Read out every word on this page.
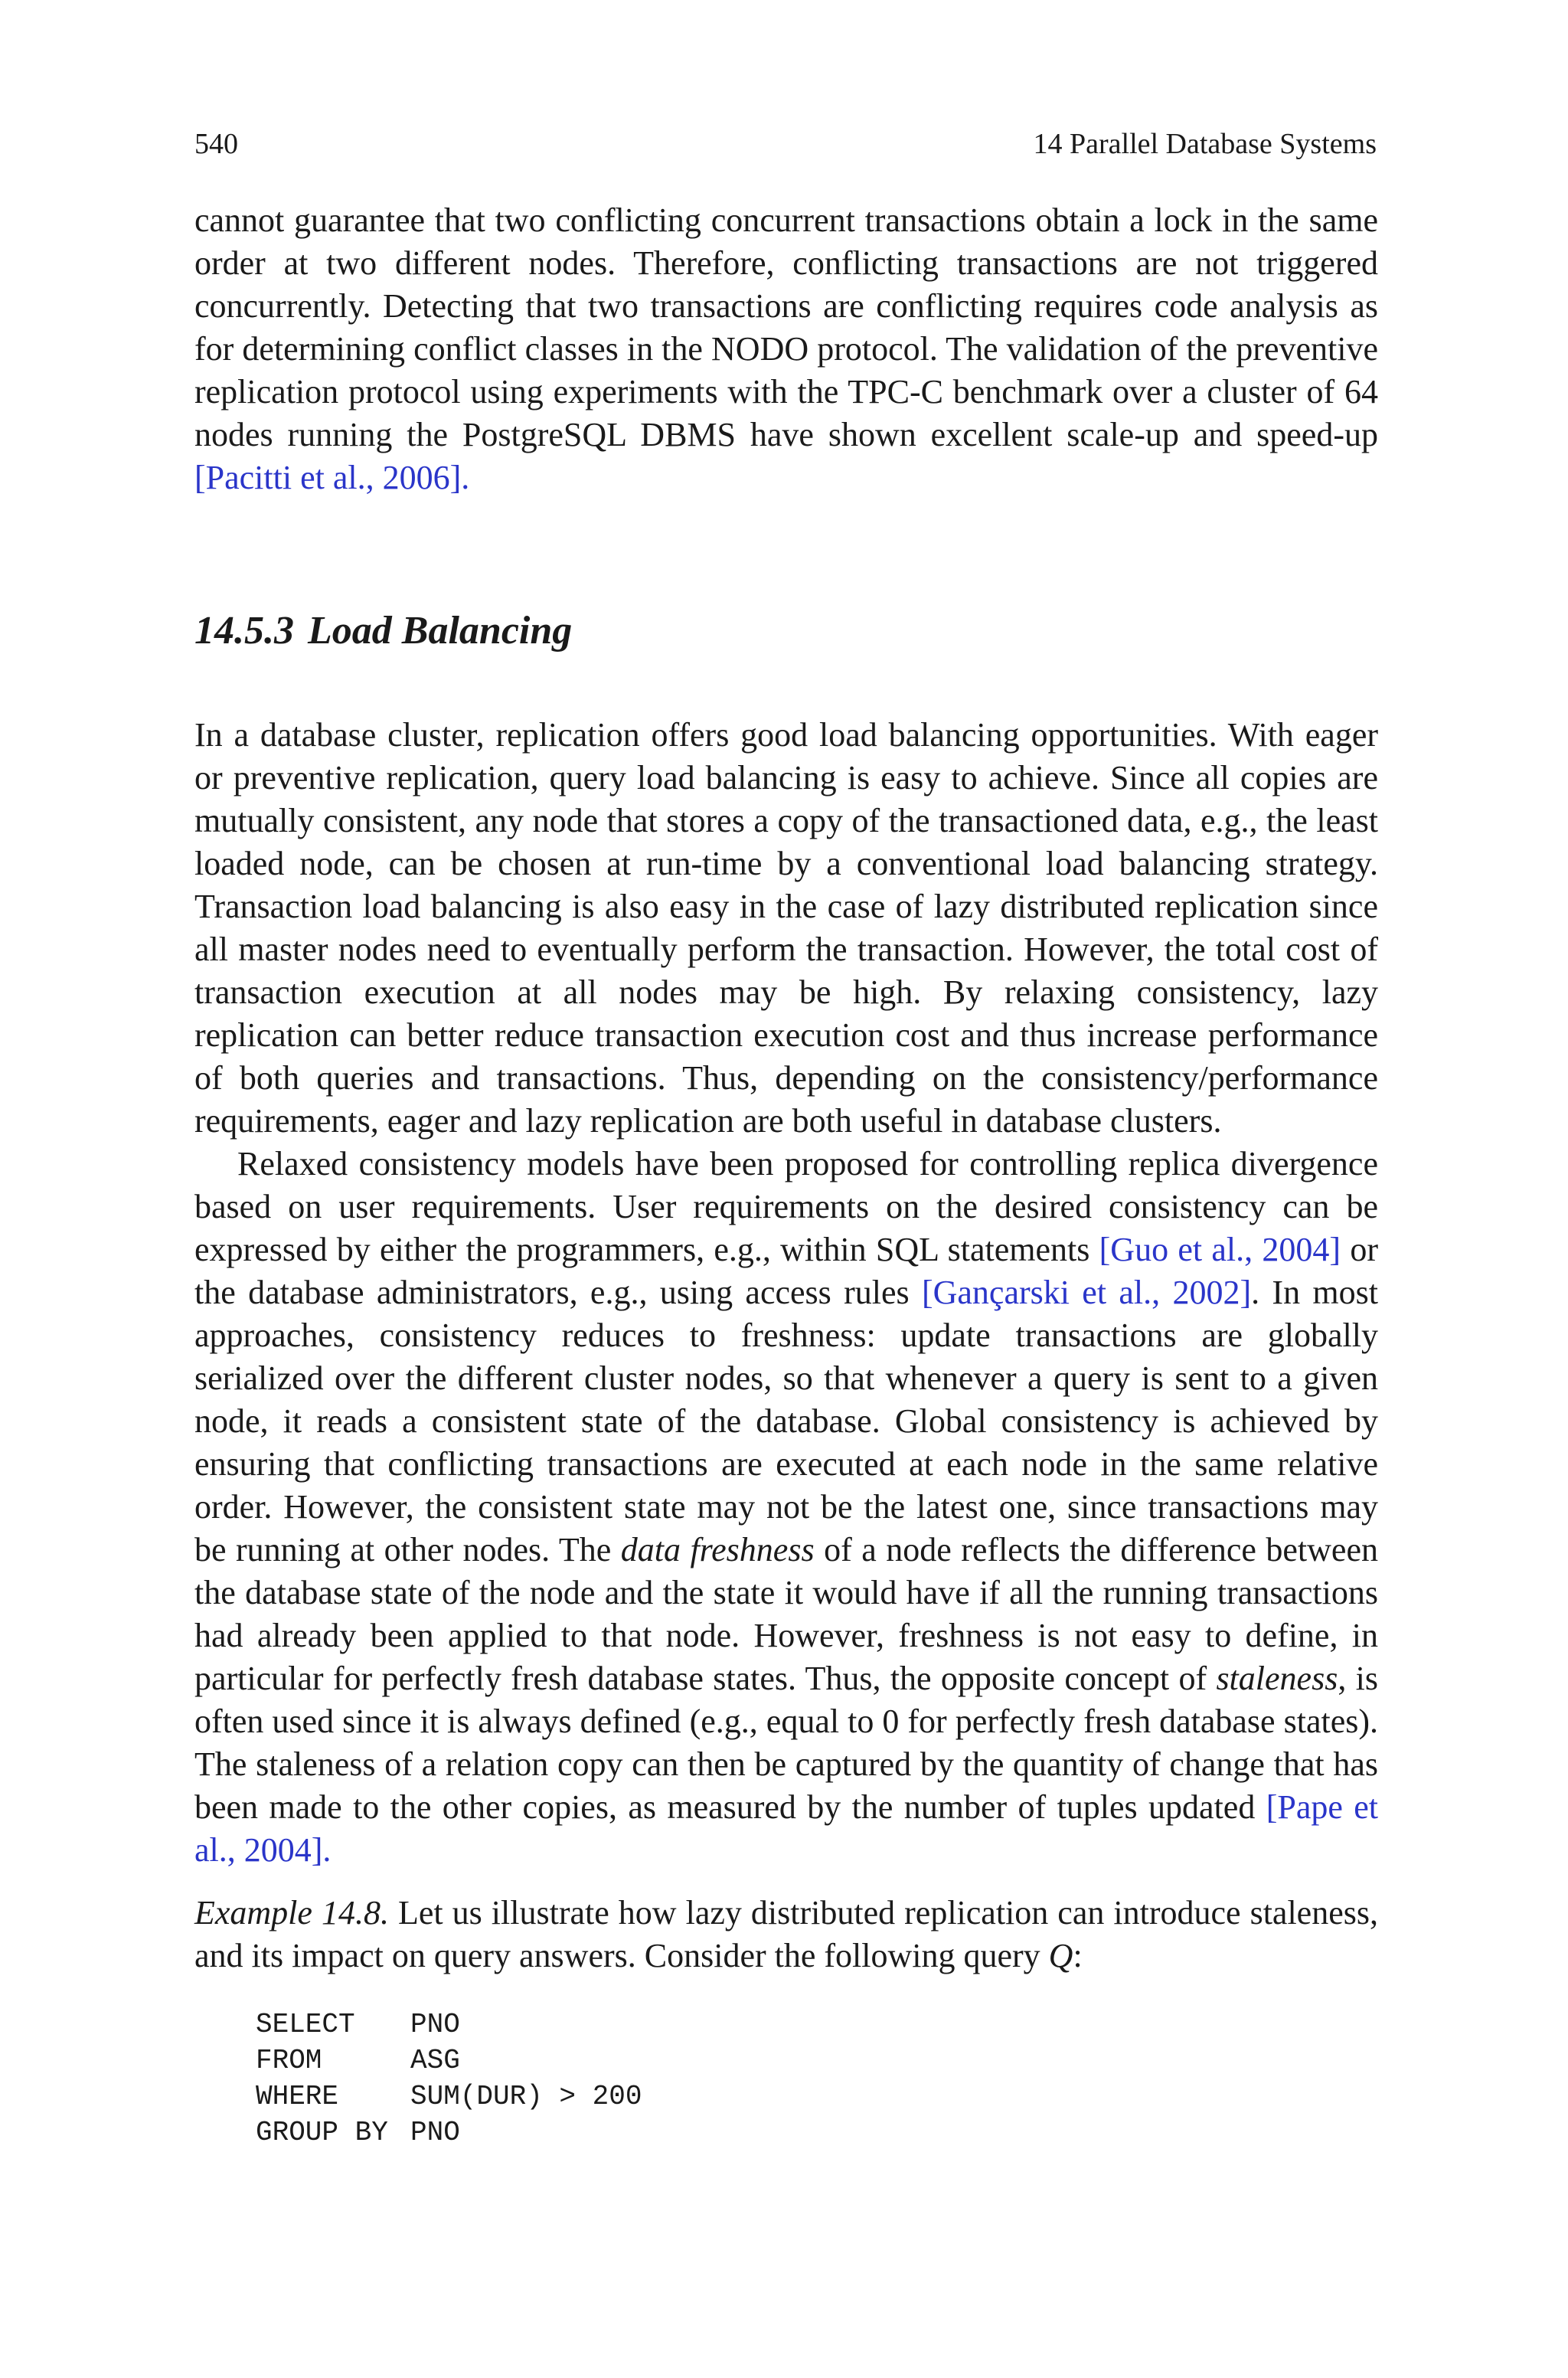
540	14 Parallel Database Systems

cannot guarantee that two conflicting concurrent transactions obtain a lock in the same order at two different nodes. Therefore, conflicting transactions are not triggered concurrently. Detecting that two transactions are conflicting requires code analysis as for determining conflict classes in the NODO protocol. The validation of the preventive replication protocol using experiments with the TPC-C benchmark over a cluster of 64 nodes running the PostgreSQL DBMS have shown excellent scale-up and speed-up [Pacitti et al., 2006].

14.5.3 Load Balancing

In a database cluster, replication offers good load balancing opportunities. With eager or preventive replication, query load balancing is easy to achieve. Since all copies are mutually consistent, any node that stores a copy of the transactioned data, e.g., the least loaded node, can be chosen at run-time by a conventional load balancing strategy. Transaction load balancing is also easy in the case of lazy distributed replication since all master nodes need to eventually perform the transaction. However, the total cost of transaction execution at all nodes may be high. By relaxing consistency, lazy replication can better reduce transaction execution cost and thus increase performance of both queries and transactions. Thus, depending on the consistency/performance requirements, eager and lazy replication are both useful in database clusters.

Relaxed consistency models have been proposed for controlling replica divergence based on user requirements. User requirements on the desired consistency can be expressed by either the programmers, e.g., within SQL statements [Guo et al., 2004] or the database administrators, e.g., using access rules [Gançarski et al., 2002]. In most approaches, consistency reduces to freshness: update transactions are globally serialized over the different cluster nodes, so that whenever a query is sent to a given node, it reads a consistent state of the database. Global consistency is achieved by ensuring that conflicting transactions are executed at each node in the same relative order. However, the consistent state may not be the latest one, since transactions may be running at other nodes. The data freshness of a node reflects the difference between the database state of the node and the state it would have if all the running transactions had already been applied to that node. However, freshness is not easy to define, in particular for perfectly fresh database states. Thus, the opposite concept of staleness, is often used since it is always defined (e.g., equal to 0 for perfectly fresh database states). The staleness of a relation copy can then be captured by the quantity of change that has been made to the other copies, as measured by the number of tuples updated [Pape et al., 2004].

Example 14.8. Let us illustrate how lazy distributed replication can introduce staleness, and its impact on query answers. Consider the following query Q:

SELECT PNO
FROM	ASG
WHERE	SUM(DUR) > 200
GROUP BY PNO
